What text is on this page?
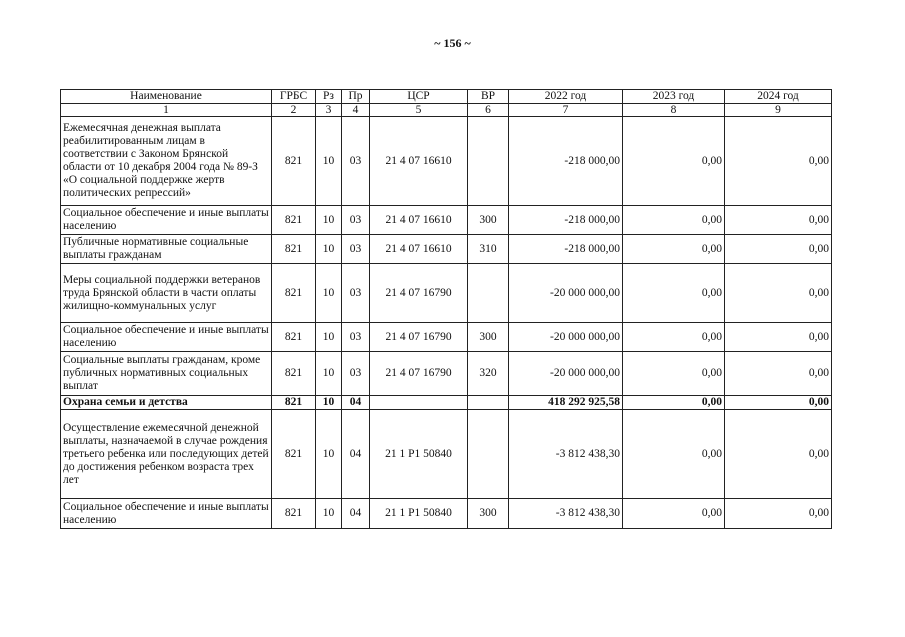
~ 156 ~
Наименование	ГРБС	Рз	Пр	ЦСР	ВР	2022 год	2023 год	2024 год
1	2	3	4	5	6	7	8	9
Ежемесячная денежная выплата реабилитированным лицам в соответствии с Законом Брянской области от 10 декабря 2004 года № 89-З «О социальной поддержке жертв политических репрессий»	821	10	03	21 4 07 16610		-218 000,00	0,00	0,00
Социальное обеспечение и иные выплаты населению	821	10	03	21 4 07 16610	300	-218 000,00	0,00	0,00
Публичные нормативные социальные выплаты гражданам	821	10	03	21 4 07 16610	310	-218 000,00	0,00	0,00
Меры социальной поддержки ветеранов труда Брянской области в части оплаты жилищно-коммунальных услуг	821	10	03	21 4 07 16790		-20 000 000,00	0,00	0,00
Социальное обеспечение и иные выплаты населению	821	10	03	21 4 07 16790	300	-20 000 000,00	0,00	0,00
Социальные выплаты гражданам, кроме публичных нормативных социальных выплат	821	10	03	21 4 07 16790	320	-20 000 000,00	0,00	0,00
Охрана семьи и детства	821	10	04			418 292 925,58	0,00	0,00
Осуществление ежемесячной денежной выплаты, назначаемой в случае рождения третьего ребенка или последующих детей до достижения ребенком возраста трех лет	821	10	04	21 1 P1 50840		-3 812 438,30	0,00	0,00
Социальное обеспечение и иные выплаты населению	821	10	04	21 1 P1 50840	300	-3 812 438,30	0,00	0,00
